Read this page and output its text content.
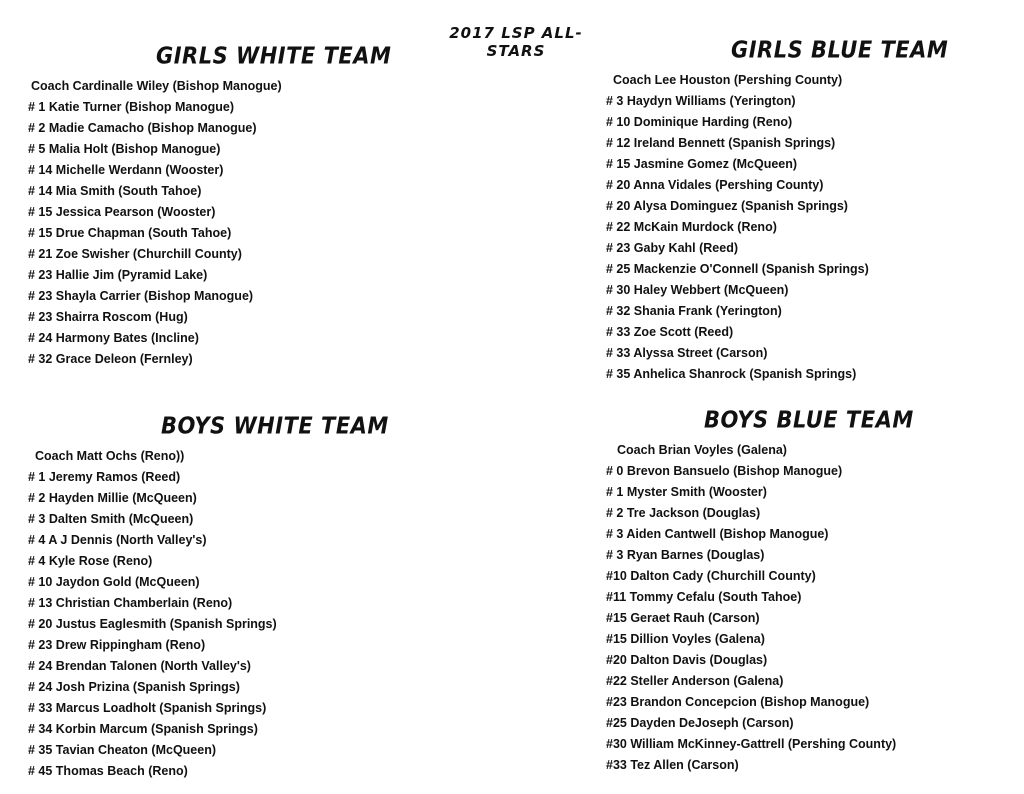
2017 LSP ALL-STARS
GIRLS WHITE TEAM
Coach Cardinalle Wiley (Bishop Manogue)
# 1 Katie Turner (Bishop Manogue)
# 2 Madie Camacho (Bishop Manogue)
# 5 Malia Holt (Bishop Manogue)
# 14 Michelle Werdann (Wooster)
# 14 Mia Smith (South Tahoe)
# 15 Jessica Pearson (Wooster)
# 15 Drue Chapman (South Tahoe)
# 21 Zoe Swisher (Churchill County)
# 23 Hallie Jim (Pyramid Lake)
# 23 Shayla Carrier (Bishop Manogue)
# 23 Shairra Roscom (Hug)
# 24 Harmony Bates (Incline)
# 32 Grace Deleon (Fernley)
GIRLS BLUE TEAM
Coach Lee Houston (Pershing County)
# 3 Haydyn Williams (Yerington)
# 10 Dominique Harding (Reno)
# 12 Ireland Bennett (Spanish Springs)
# 15 Jasmine Gomez (McQueen)
# 20 Anna Vidales (Pershing County)
# 20 Alysa Dominguez (Spanish Springs)
# 22 McKain Murdock (Reno)
# 23 Gaby Kahl (Reed)
# 25 Mackenzie O'Connell (Spanish Springs)
# 30 Haley Webbert (McQueen)
# 32 Shania Frank (Yerington)
# 33 Zoe Scott (Reed)
# 33 Alyssa Street (Carson)
# 35 Anhelica Shanrock (Spanish Springs)
BOYS WHITE TEAM
Coach Matt Ochs (Reno))
# 1 Jeremy Ramos (Reed)
# 2 Hayden Millie (McQueen)
# 3 Dalten Smith (McQueen)
# 4 A J Dennis (North Valley's)
# 4 Kyle Rose (Reno)
# 10 Jaydon Gold (McQueen)
# 13 Christian Chamberlain (Reno)
# 20 Justus Eaglesmith (Spanish Springs)
# 23 Drew Rippingham (Reno)
# 24 Brendan Talonen (North Valley's)
# 24 Josh Prizina (Spanish Springs)
# 33 Marcus Loadholt (Spanish Springs)
# 34 Korbin Marcum (Spanish Springs)
# 35 Tavian Cheaton (McQueen)
# 45 Thomas Beach (Reno)
BOYS BLUE TEAM
Coach Brian Voyles (Galena)
# 0 Brevon Bansuelo (Bishop Manogue)
# 1 Myster Smith (Wooster)
# 2 Tre Jackson (Douglas)
# 3 Aiden Cantwell (Bishop Manogue)
# 3 Ryan Barnes (Douglas)
#10 Dalton Cady (Churchill County)
#11 Tommy Cefalu (South Tahoe)
#15 Geraet Rauh (Carson)
#15 Dillion Voyles (Galena)
#20 Dalton Davis (Douglas)
#22 Steller Anderson (Galena)
#23 Brandon Concepcion (Bishop Manogue)
#25 Dayden DeJoseph (Carson)
#30 William McKinney-Gattrell (Pershing County)
#33 Tez Allen (Carson)
